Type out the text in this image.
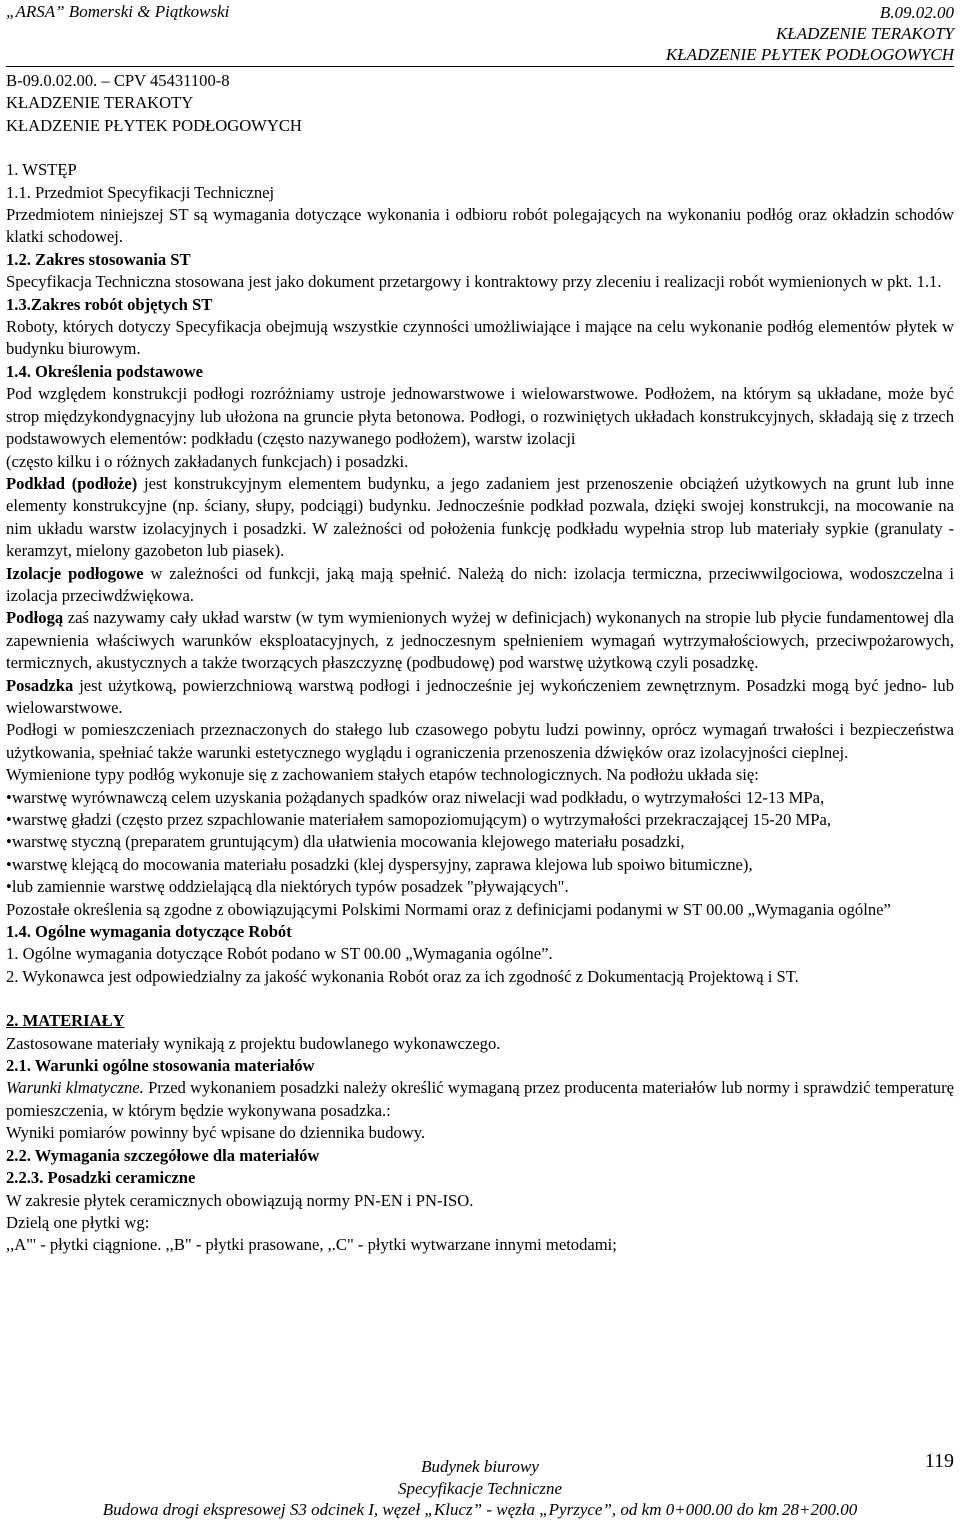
„ARSA” Bomerski & Piątkowski	B.09.02.00
KŁADZENIE TERAKOTY
KŁADZENIE PŁYTEK PODŁOGOWYCH

B-09.0.02.00. – CPV 45431100-8

KŁADZENIE TERAKOTY

KŁADZENIE PŁYTEK PODŁOGOWYCH

1. WSTĘP

1.1. Przedmiot Specyfikacji Technicznej

Przedmiotem niniejszej ST są wymagania dotyczące wykonania i odbioru robót polegających na wykonaniu podłóg oraz okładzin schodów klatki schodowej.

1.2. Zakres stosowania ST

Specyfikacja Techniczna stosowana jest jako dokument przetargowy i kontraktowy przy zleceniu i realizacji robót wymienionych w pkt. 1.1.

1.3.Zakres robót objętych ST

Roboty, których dotyczy Specyfikacja obejmują wszystkie czynności umożliwiające i mające na celu wykonanie podłóg elementów płytek w budynku biurowym.

1.4. Określenia podstawowe

Pod względem konstrukcji podłogi rozróżniamy ustroje jednowarstwowe i wielowarstwowe. Podłożem, na którym są układane, może być strop międzykondygnacyjny lub ułożona na gruncie płyta betonowa. Podłogi, o rozwiniętych układach konstrukcyjnych, składają się z trzech podstawowych elementów: podkładu (często nazywanego podłożem), warstw izolacji

(często kilku i o różnych zakładanych funkcjach) i posadzki.

Podkład (podłoże) jest konstrukcyjnym elementem budynku, a jego zadaniem jest przenoszenie obciążeń użytkowych na grunt lub inne elementy konstrukcyjne (np. ściany, słupy, podciągi) budynku. Jednocześnie podkład pozwala, dzięki swojej konstrukcji, na mocowanie na nim układu warstw izolacyjnych i posadzki. W zależności od położenia funkcję podkładu wypełnia strop lub materiały sypkie (granulaty - keramzyt, mielony gazobeton lub piasek).

Izolacje podłogowe w zależności od funkcji, jaką mają spełnić. Należą do nich: izolacja termiczna, przeciwwilgociowa, wodoszczelna i izolacja przeciwdźwiękowa.

Podłogą zaś nazywamy cały układ warstw (w tym wymienionych wyżej w definicjach) wykonanych na stropie lub płycie fundamentowej dla zapewnienia właściwych warunków eksploatacyjnych, z jednoczesnym spełnieniem wymagań wytrzymałościowych, przeciwpożarowych, termicznych, akustycznych a także tworzących płaszczyznę (podbudowę) pod warstwę użytkową czyli posadzkę.

Posadzka jest użytkową, powierzchniową warstwą podłogi i jednocześnie jej wykończeniem zewnętrznym. Posadzki mogą być jedno- lub wielowarstwowe.

Podłogi w pomieszczeniach przeznaczonych do stałego lub czasowego pobytu ludzi powinny, oprócz wymagań trwałości i bezpieczeństwa użytkowania, spełniać także warunki estetycznego wyglądu i ograniczenia przenoszenia dźwięków oraz izolacyjności cieplnej.

Wymienione typy podłóg wykonuje się z zachowaniem stałych etapów technologicznych. Na podłożu układa się:

• warstwę wyrównawczą celem uzyskania pożądanych spadków oraz niwelacji wad podkładu, o wytrzymałości 12-13 MPa,

• warstwę gładzi (często przez szpachlowanie materiałem samopoziomującym) o wytrzymałości przekraczającej 15-20 MPa,

• warstwę styczną (preparatem gruntującym) dla ułatwienia mocowania klejowego materiału posadzki,

• warstwę klejącą do mocowania materiału posadzki (klej dyspersyjny, zaprawa klejowa lub spoiwo bitumiczne),

• lub zamiennie warstwę oddzielającą dla niektórych typów posadzek "pływających".

Pozostałe określenia są zgodne z obowiązującymi Polskimi Normami oraz z definicjami podanymi w ST 00.00 „Wymagania ogólne”

1.4. Ogólne wymagania dotyczące Robót

1. Ogólne wymagania dotyczące Robót podano w ST 00.00 „Wymagania ogólne”.

2. Wykonawca jest odpowiedzialny za jakość wykonania Robót oraz za ich zgodność z Dokumentacją Projektową i ST.

2. MATERIAŁY

Zastosowane materiały wynikają z projektu budowlanego wykonawczego.

2.1. Warunki ogólne stosowania materiałów

Warunki klmatyczne. Przed wykonaniem posadzki należy określić wymaganą przez producenta materiałów lub normy i sprawdzić temperaturę pomieszczenia, w którym będzie wykonywana posadzka.:

Wyniki pomiarów powinny być wpisane do dziennika budowy.

2.2. Wymagania szczegółowe dla materiałów

2.2.3. Posadzki ceramiczne

W zakresie płytek ceramicznych obowiązują normy PN-EN i PN-ISO.

Dzielą one płytki wg:

,,A"' - płytki ciągnione. ,,B" - płytki prasowane, ,.C" - płytki wytwarzane innymi metodami;

Budynek biurowy
Specyfikacje Techniczne
119
Budowa drogi ekspresowej S3 odcinek I, węzeł „Klucz” - węzła „Pyrzyce”, od km 0+000.00 do km 28+200.00
